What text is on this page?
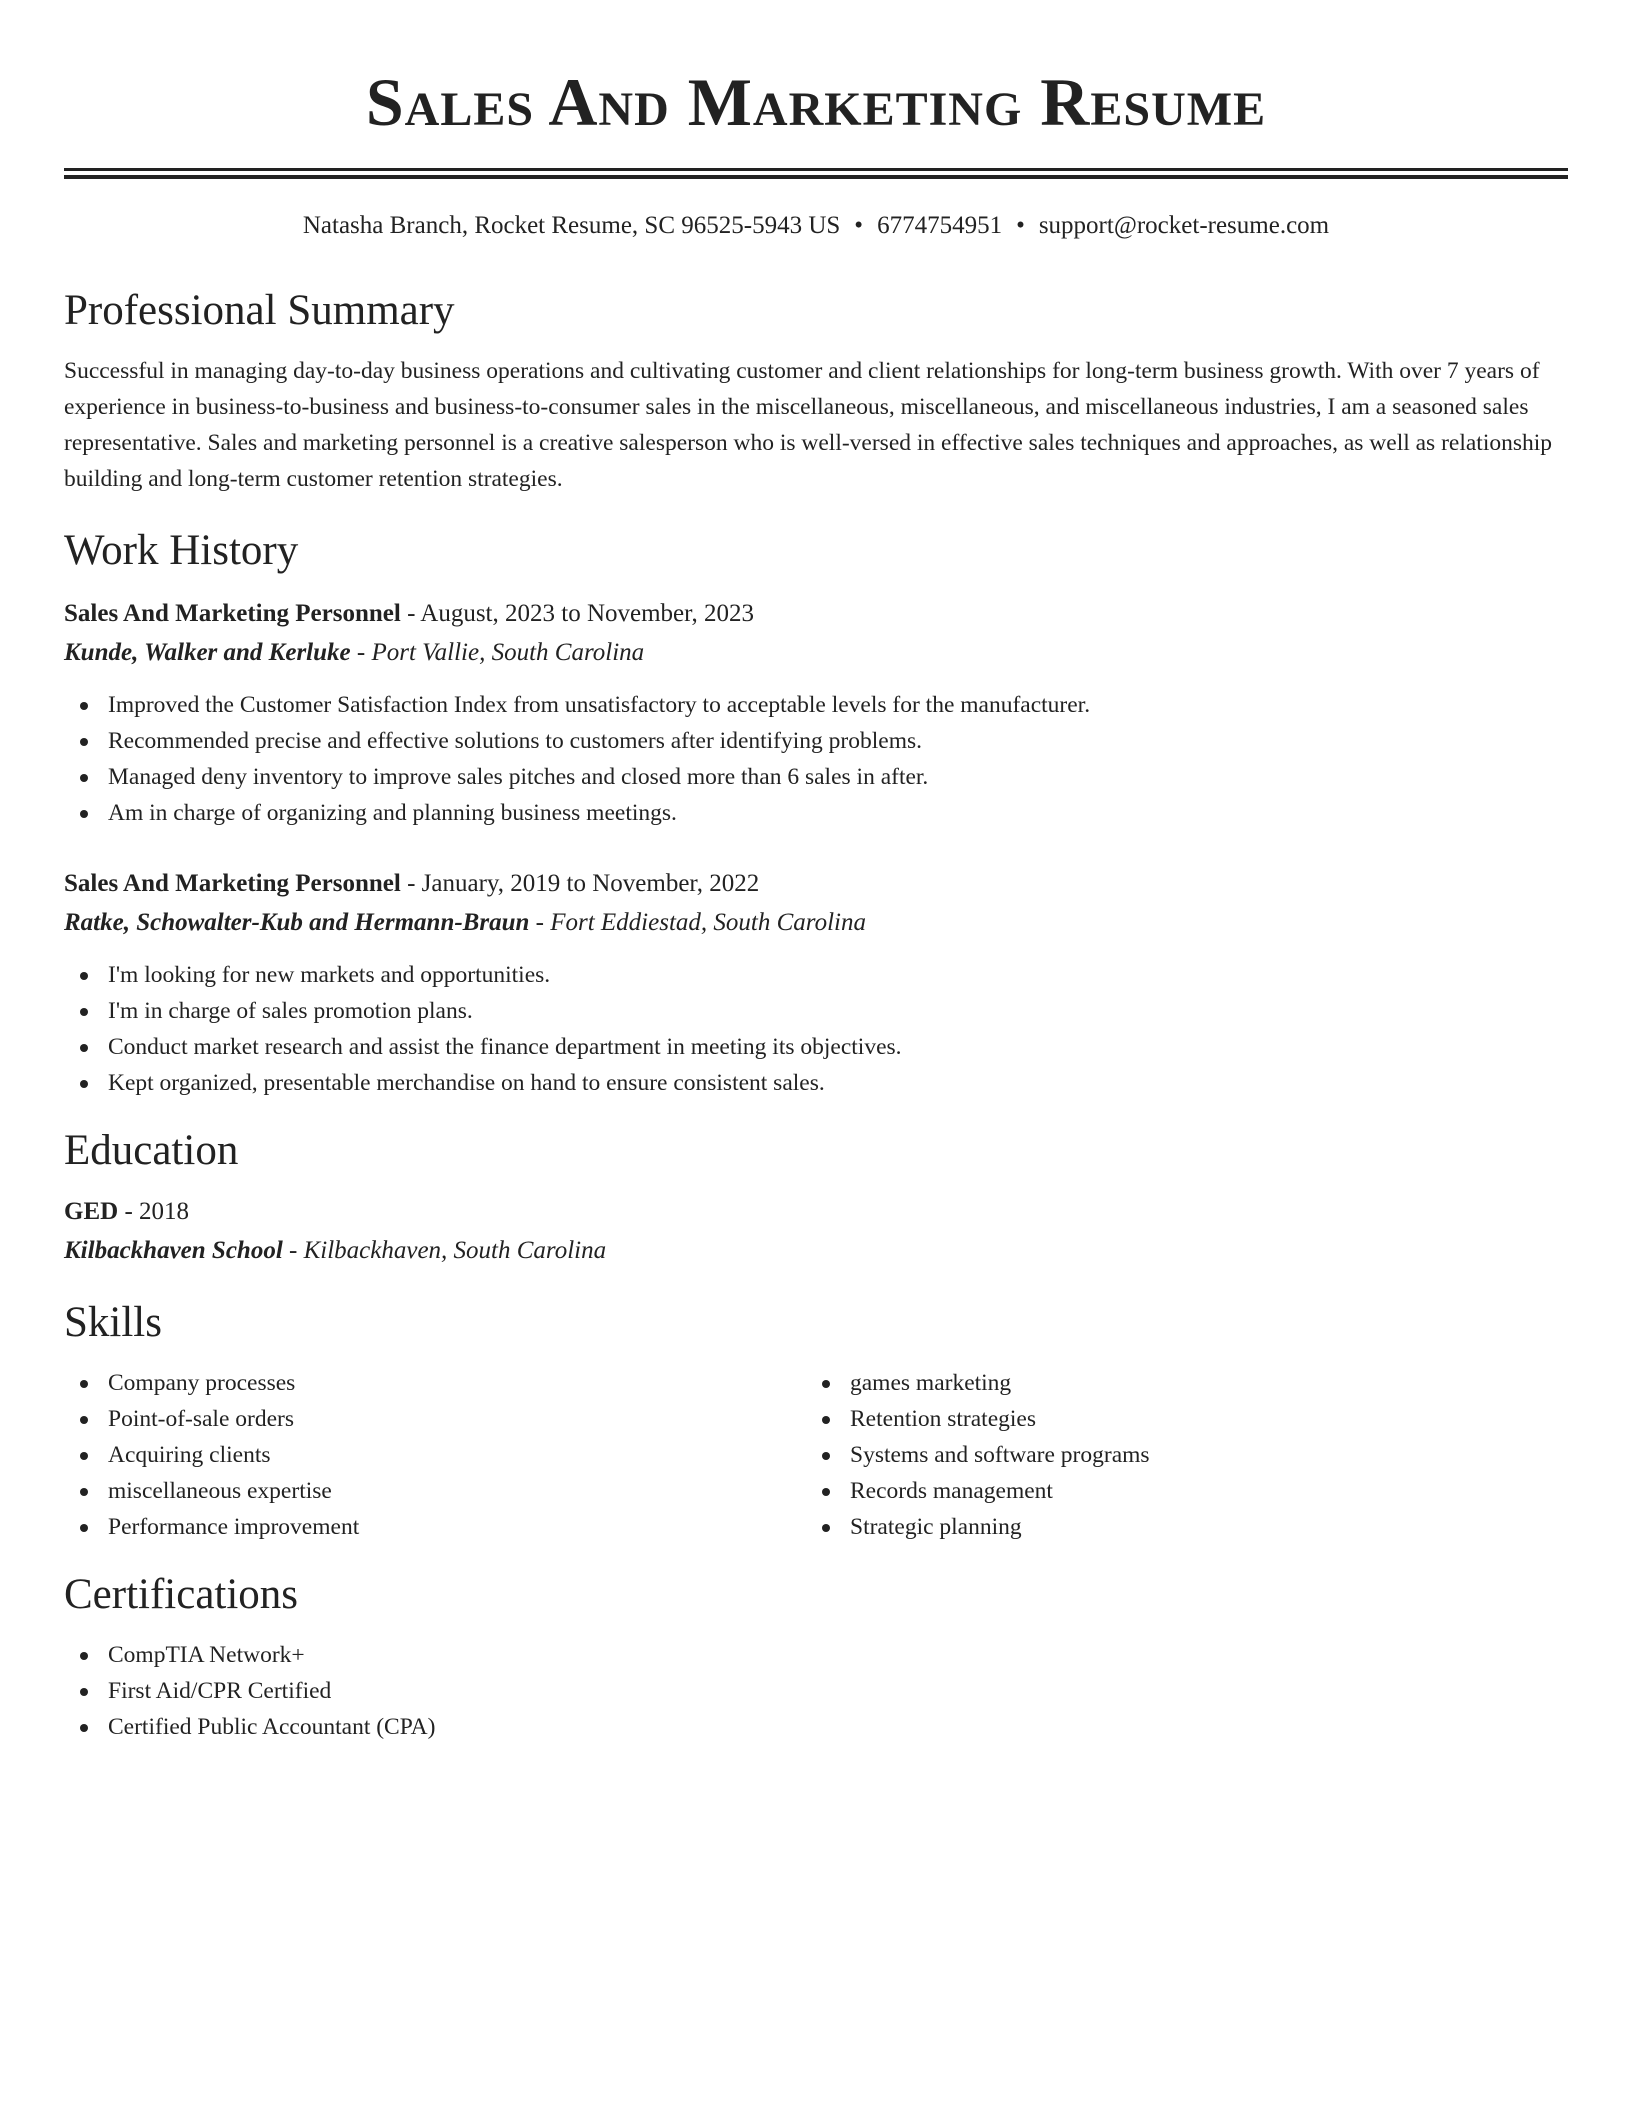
Sales And Marketing Resume
Natasha Branch, Rocket Resume, SC 96525-5943 US • 6774754951 • support@rocket-resume.com
Professional Summary

Successful in managing day-to-day business operations and cultivating customer and client relationships for long-term business growth. With over 7 years of experience in business-to-business and business-to-consumer sales in the miscellaneous, miscellaneous, and miscellaneous industries, I am a seasoned sales representative. Sales and marketing personnel is a creative salesperson who is well-versed in effective sales techniques and approaches, as well as relationship building and long-term customer retention strategies.

Work History
Sales And Marketing Personnel - August, 2023 to November, 2023
Kunde, Walker and Kerluke - Port Vallie, South Carolina
Improved the Customer Satisfaction Index from unsatisfactory to acceptable levels for the manufacturer.
Recommended precise and effective solutions to customers after identifying problems.
Managed deny inventory to improve sales pitches and closed more than 6 sales in after.
Am in charge of organizing and planning business meetings.
Sales And Marketing Personnel - January, 2019 to November, 2022
Ratke, Schowalter-Kub and Hermann-Braun - Fort Eddiestad, South Carolina
I'm looking for new markets and opportunities.
I'm in charge of sales promotion plans.
Conduct market research and assist the finance department in meeting its objectives.
Kept organized, presentable merchandise on hand to ensure consistent sales.
Education
GED - 2018
Kilbackhaven School - Kilbackhaven, South Carolina
Skills
Company processes
Point-of-sale orders
Acquiring clients
miscellaneous expertise
Performance improvement
games marketing
Retention strategies
Systems and software programs
Records management
Strategic planning
Certifications
CompTIA Network+
First Aid/CPR Certified
Certified Public Accountant (CPA)
